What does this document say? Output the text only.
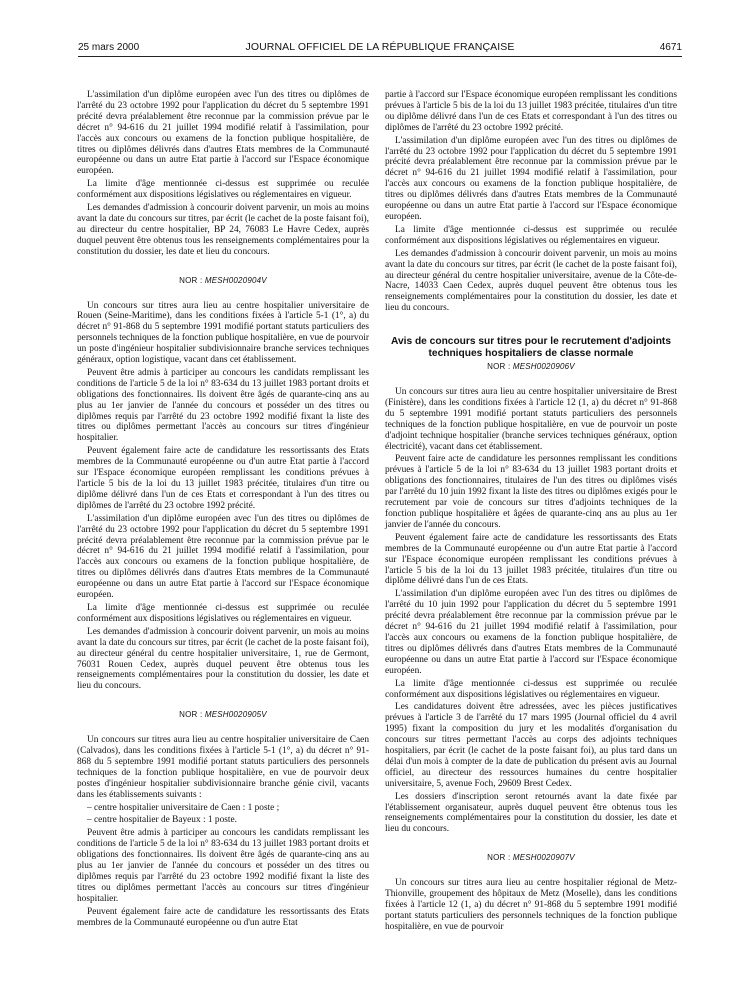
25 mars 2000	JOURNAL OFFICIEL DE LA RÉPUBLIQUE FRANÇAISE	4671

L'assimilation d'un diplôme européen avec l'un des titres ou diplômes de l'arrêté du 23 octobre 1992 pour l'application du décret du 5 septembre 1991 précité devra préalablement être reconnue par la commission prévue par le décret n° 94-616 du 21 juillet 1994 modifié relatif à l'assimilation, pour l'accès aux concours ou examens de la fonction publique hospitalière, de titres ou diplômes délivrés dans d'autres Etats membres de la Communauté européenne ou dans un autre Etat partie à l'accord sur l'Espace économique européen.

La limite d'âge mentionnée ci-dessus est supprimée ou reculée conformément aux dispositions législatives ou réglementaires en vigueur.

Les demandes d'admission à concourir doivent parvenir, un mois au moins avant la date du concours sur titres, par écrit (le cachet de la poste faisant foi), au directeur du centre hospitalier, BP 24, 76083 Le Havre Cedex, auprès duquel peuvent être obtenus tous les renseignements complémentaires pour la constitution du dossier, les date et lieu du concours.

NOR : MESH0020904V

Un concours sur titres aura lieu au centre hospitalier universitaire de Rouen (Seine-Maritime), dans les conditions fixées à l'article 5-1 (1°, a) du décret n° 91-868 du 5 septembre 1991 modifié portant statuts particuliers des personnels techniques de la fonction publique hospitalière, en vue de pourvoir un poste d'ingénieur hospitalier subdivisionnaire branche services techniques généraux, option logistique, vacant dans cet établissement.

Peuvent être admis à participer au concours les candidats remplissant les conditions de l'article 5 de la loi n° 83-634 du 13 juillet 1983 portant droits et obligations des fonctionnaires. Ils doivent être âgés de quarante-cinq ans au plus au 1er janvier de l'année du concours et posséder un des titres ou diplômes requis par l'arrêté du 23 octobre 1992 modifié fixant la liste des titres ou diplômes permettant l'accès au concours sur titres d'ingénieur hospitalier.

Peuvent également faire acte de candidature les ressortissants des Etats membres de la Communauté européenne ou d'un autre Etat partie à l'accord sur l'Espace économique européen remplissant les conditions prévues à l'article 5 bis de la loi du 13 juillet 1983 précitée, titulaires d'un titre ou diplôme délivré dans l'un de ces Etats et correspondant à l'un des titres ou diplômes de l'arrêté du 23 octobre 1992 précité.

L'assimilation d'un diplôme européen avec l'un des titres ou diplômes de l'arrêté du 23 octobre 1992 pour l'application du décret du 5 septembre 1991 précité devra préalablement être reconnue par la commission prévue par le décret n° 94-616 du 21 juillet 1994 modifié relatif à l'assimilation, pour l'accès aux concours ou examens de la fonction publique hospitalière, de titres ou diplômes délivrés dans d'autres Etats membres de la Communauté européenne ou dans un autre Etat partie à l'accord sur l'Espace économique européen.

La limite d'âge mentionnée ci-dessus est supprimée ou reculée conformément aux dispositions législatives ou réglementaires en vigueur.

Les demandes d'admission à concourir doivent parvenir, un mois au moins avant la date du concours sur titres, par écrit (le cachet de la poste faisant foi), au directeur général du centre hospitalier universitaire, 1, rue de Germont, 76031 Rouen Cedex, auprès duquel peuvent être obtenus tous les renseignements complémentaires pour la constitution du dossier, les date et lieu du concours.

NOR : MESH0020905V

Un concours sur titres aura lieu au centre hospitalier universitaire de Caen (Calvados), dans les conditions fixées à l'article 5-1 (1°, a) du décret n° 91-868 du 5 septembre 1991 modifié portant statuts particuliers des personnels techniques de la fonction publique hospitalière, en vue de pourvoir deux postes d'ingénieur hospitalier subdivisionnaire branche génie civil, vacants dans les établissements suivants :

– centre hospitalier universitaire de Caen : 1 poste ;

– centre hospitalier de Bayeux : 1 poste.

Peuvent être admis à participer au concours les candidats remplissant les conditions de l'article 5 de la loi n° 83-634 du 13 juillet 1983 portant droits et obligations des fonctionnaires. Ils doivent être âgés de quarante-cinq ans au plus au 1er janvier de l'année du concours et posséder un des titres ou diplômes requis par l'arrêté du 23 octobre 1992 modifié fixant la liste des titres ou diplômes permettant l'accès au concours sur titres d'ingénieur hospitalier.

Peuvent également faire acte de candidature les ressortissants des Etats membres de la Communauté européenne ou d'un autre Etat

partie à l'accord sur l'Espace économique européen remplissant les conditions prévues à l'article 5 bis de la loi du 13 juillet 1983 précitée, titulaires d'un titre ou diplôme délivré dans l'un de ces Etats et correspondant à l'un des titres ou diplômes de l'arrêté du 23 octobre 1992 précité.

L'assimilation d'un diplôme européen avec l'un des titres ou diplômes de l'arrêté du 23 octobre 1992 pour l'application du décret du 5 septembre 1991 précité devra préalablement être reconnue par la commission prévue par le décret n° 94-616 du 21 juillet 1994 modifié relatif à l'assimilation, pour l'accès aux concours ou examens de la fonction publique hospitalière, de titres ou diplômes délivrés dans d'autres Etats membres de la Communauté européenne ou dans un autre Etat partie à l'accord sur l'Espace économique européen.

La limite d'âge mentionnée ci-dessus est supprimée ou reculée conformément aux dispositions législatives ou réglementaires en vigueur.

Les demandes d'admission à concourir doivent parvenir, un mois au moins avant la date du concours sur titres, par écrit (le cachet de la poste faisant foi), au directeur général du centre hospitalier universitaire, avenue de la Côte-de-Nacre, 14033 Caen Cedex, auprès duquel peuvent être obtenus tous les renseignements complémentaires pour la constitution du dossier, les date et lieu du concours.

Avis de concours sur titres pour le recrutement d'adjoints techniques hospitaliers de classe normale
NOR : MESH0020906V

Un concours sur titres aura lieu au centre hospitalier universitaire de Brest (Finistère), dans les conditions fixées à l'article 12 (1, a) du décret n° 91-868 du 5 septembre 1991 modifié portant statuts particuliers des personnels techniques de la fonction publique hospitalière, en vue de pourvoir un poste d'adjoint technique hospitalier (branche services techniques généraux, option électricité), vacant dans cet établissement.

Peuvent faire acte de candidature les personnes remplissant les conditions prévues à l'article 5 de la loi n° 83-634 du 13 juillet 1983 portant droits et obligations des fonctionnaires, titulaires de l'un des titres ou diplômes visés par l'arrêté du 10 juin 1992 fixant la liste des titres ou diplômes exigés pour le recrutement par voie de concours sur titres d'adjoints techniques de la fonction publique hospitalière et âgées de quarante-cinq ans au plus au 1er janvier de l'année du concours.

Peuvent également faire acte de candidature les ressortissants des Etats membres de la Communauté européenne ou d'un autre Etat partie à l'accord sur l'Espace économique européen remplissant les conditions prévues à l'article 5 bis de la loi du 13 juillet 1983 précitée, titulaires d'un titre ou diplôme délivré dans l'un de ces Etats.

L'assimilation d'un diplôme européen avec l'un des titres ou diplômes de l'arrêté du 10 juin 1992 pour l'application du décret du 5 septembre 1991 précité devra préalablement être reconnue par la commission prévue par le décret n° 94-616 du 21 juillet 1994 modifié relatif à l'assimilation, pour l'accès aux concours ou examens de la fonction publique hospitalière, de titres ou diplômes délivrés dans d'autres Etats membres de la Communauté européenne ou dans un autre Etat partie à l'accord sur l'Espace économique européen.

La limite d'âge mentionnée ci-dessus est supprimée ou reculée conformément aux dispositions législatives ou réglementaires en vigueur.

Les candidatures doivent être adressées, avec les pièces justificatives prévues à l'article 3 de l'arrêté du 17 mars 1995 (Journal officiel du 4 avril 1995) fixant la composition du jury et les modalités d'organisation du concours sur titres permettant l'accès au corps des adjoints techniques hospitaliers, par écrit (le cachet de la poste faisant foi), au plus tard dans un délai d'un mois à compter de la date de publication du présent avis au Journal officiel, au directeur des ressources humaines du centre hospitalier universitaire, 5, avenue Foch, 29609 Brest Cedex.

Les dossiers d'inscription seront retournés avant la date fixée par l'établissement organisateur, auprès duquel peuvent être obtenus tous les renseignements complémentaires pour la constitution du dossier, les date et lieu du concours.

NOR : MESH0020907V

Un concours sur titres aura lieu au centre hospitalier régional de Metz-Thionville, groupement des hôpitaux de Metz (Moselle), dans les conditions fixées à l'article 12 (1, a) du décret n° 91-868 du 5 septembre 1991 modifié portant statuts particuliers des personnels techniques de la fonction publique hospitalière, en vue de pourvoir
